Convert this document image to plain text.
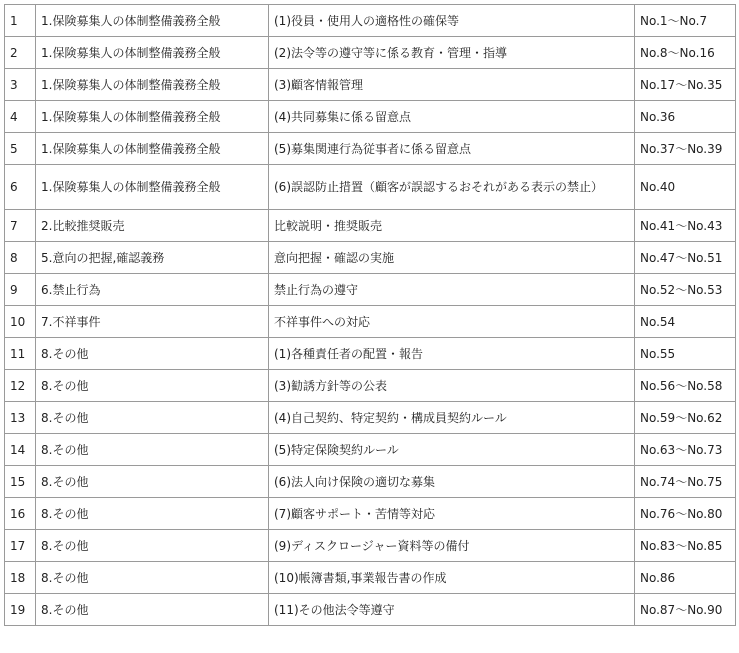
1	1.保険募集人の体制整備義務全般	(1)役員・使用人の適格性の確保等	No.1〜No.7
2	1.保険募集人の体制整備義務全般	(2)法令等の遵守等に係る教育・管理・指導	No.8〜No.16
3	1.保険募集人の体制整備義務全般	(3)顧客情報管理	No.17〜No.35
4	1.保険募集人の体制整備義務全般	(4)共同募集に係る留意点	No.36
5	1.保険募集人の体制整備義務全般	(5)募集関連行為従事者に係る留意点	No.37〜No.39
6	1.保険募集人の体制整備義務全般	(6)誤認防止措置（顧客が誤認するおそれがある表示の禁止）	No.40
7	2.比較推奨販売	比較説明・推奨販売	No.41〜No.43
8	5.意向の把握,確認義務	意向把握・確認の実施	No.47〜No.51
9	6.禁止行為	禁止行為の遵守	No.52〜No.53
10	7.不祥事件	不祥事件への対応	No.54
11	8.その他	(1)各種責任者の配置・報告	No.55
12	8.その他	(3)勧誘方針等の公表	No.56〜No.58
13	8.その他	(4)自己契約、特定契約・構成員契約ルール	No.59〜No.62
14	8.その他	(5)特定保険契約ルール	No.63〜No.73
15	8.その他	(6)法人向け保険の適切な募集	No.74〜No.75
16	8.その他	(7)顧客サポート・苦情等対応	No.76〜No.80
17	8.その他	(9)ディスクロージャー資料等の備付	No.83〜No.85
18	8.その他	(10)帳簿書類,事業報告書の作成	No.86
19	8.その他	(11)その他法令等遵守	No.87〜No.90
